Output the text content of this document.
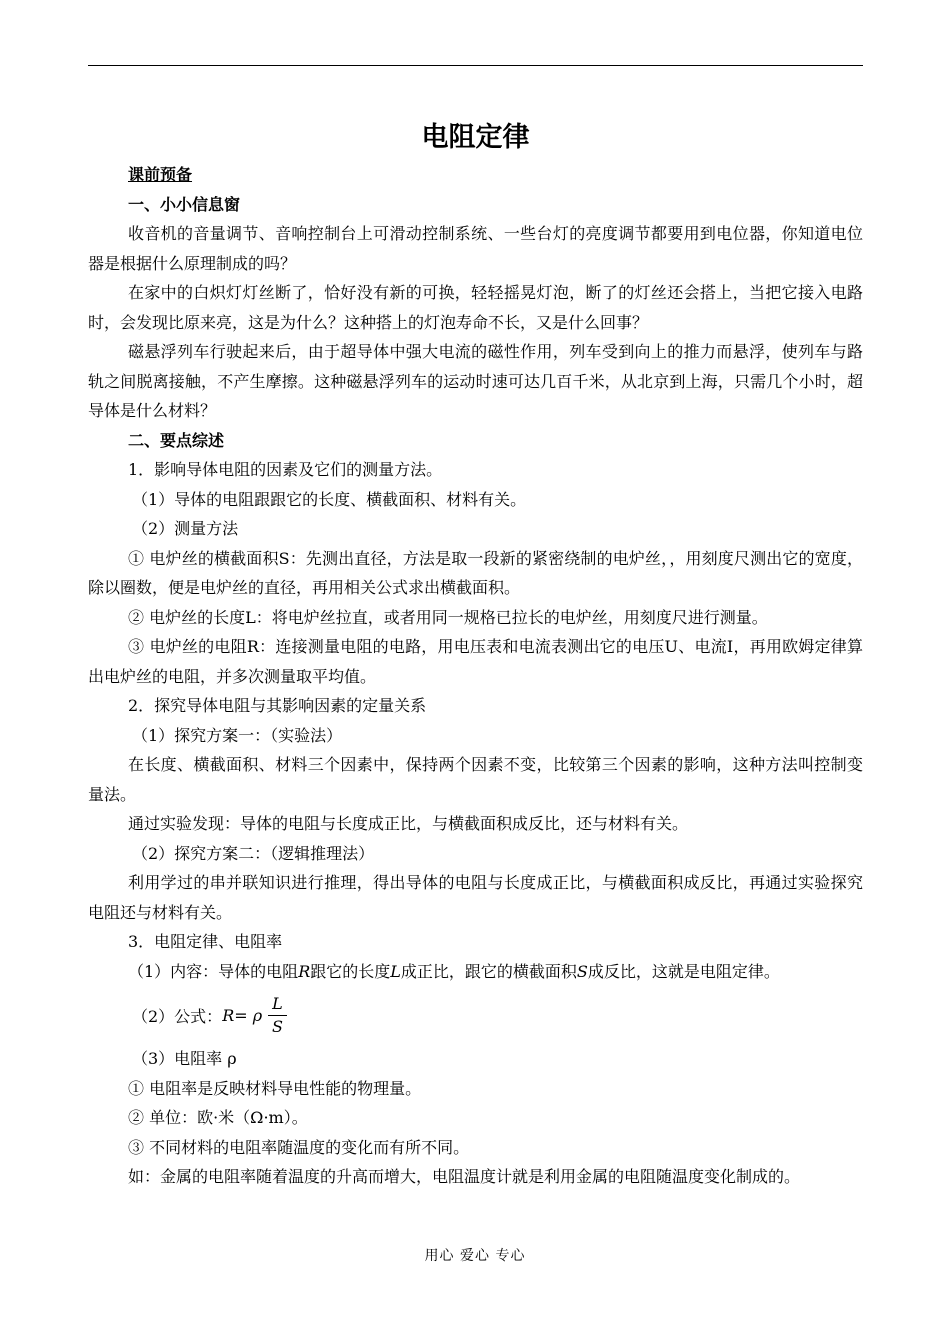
电阻定律
课前预备
一、小小信息窗

收音机的音量调节、音响控制台上可滑动控制系统、一些台灯的亮度调节都要用到电位器，你知道电位器是根据什么原理制成的吗？

在家中的白炽灯灯丝断了，恰好没有新的可换，轻轻摇晃灯泡，断了的灯丝还会搭上，当把它接入电路时，会发现比原来亮，这是为什么？这种搭上的灯泡寿命不长，又是什么回事？

磁悬浮列车行驶起来后，由于超导体中强大电流的磁性作用，列车受到向上的推力而悬浮，使列车与路轨之间脱离接触，不产生摩擦。这种磁悬浮列车的运动时速可达几百千米，从北京到上海，只需几个小时，超导体是什么材料？

二、要点综述
1．影响导体电阻的因素及它们的测量方法。
（1）导体的电阻跟跟它的长度、横截面积、材料有关。
（2）测量方法

① 电炉丝的横截面积S：先测出直径，方法是取一段新的紧密绕制的电炉丝，，用刻度尺测出它的宽度，除以圈数，便是电炉丝的直径，再用相关公式求出横截面积。

② 电炉丝的长度L：将电炉丝拉直，或者用同一规格已拉长的电炉丝，用刻度尺进行测量。

③ 电炉丝的电阻R：连接测量电阻的电路，用电压表和电流表测出它的电压U、电流I，再用欧姆定律算出电炉丝的电阻，并多次测量取平均值。

2．探究导体电阻与其影响因素的定量关系
（1）探究方案一：（实验法）

在长度、横截面积、材料三个因素中，保持两个因素不变，比较第三个因素的影响，这种方法叫控制变量法。

通过实验发现：导体的电阻与长度成正比，与横截面积成反比，还与材料有关。

（2）探究方案二：（逻辑推理法）

利用学过的串并联知识进行推理，得出导体的电阻与长度成正比，与横截面积成反比，再通过实验探究电阻还与材料有关。

3．电阻定律、电阻率
（1）内容：导体的电阻R跟它的长度L成正比，跟它的横截面积S成反比，这就是电阻定律。
（2）公式： R= ρ $\frac{L}{S}$
（3）电阻率 ρ
① 电阻率是反映材料导电性能的物理量。
② 单位：欧·米（Ω·m）。
③ 不同材料的电阻率随温度的变化而有所不同。

如：金属的电阻率随着温度的升高而增大，电阻温度计就是利用金属的电阻随温度变化制成的。

用心 爱心 专心
